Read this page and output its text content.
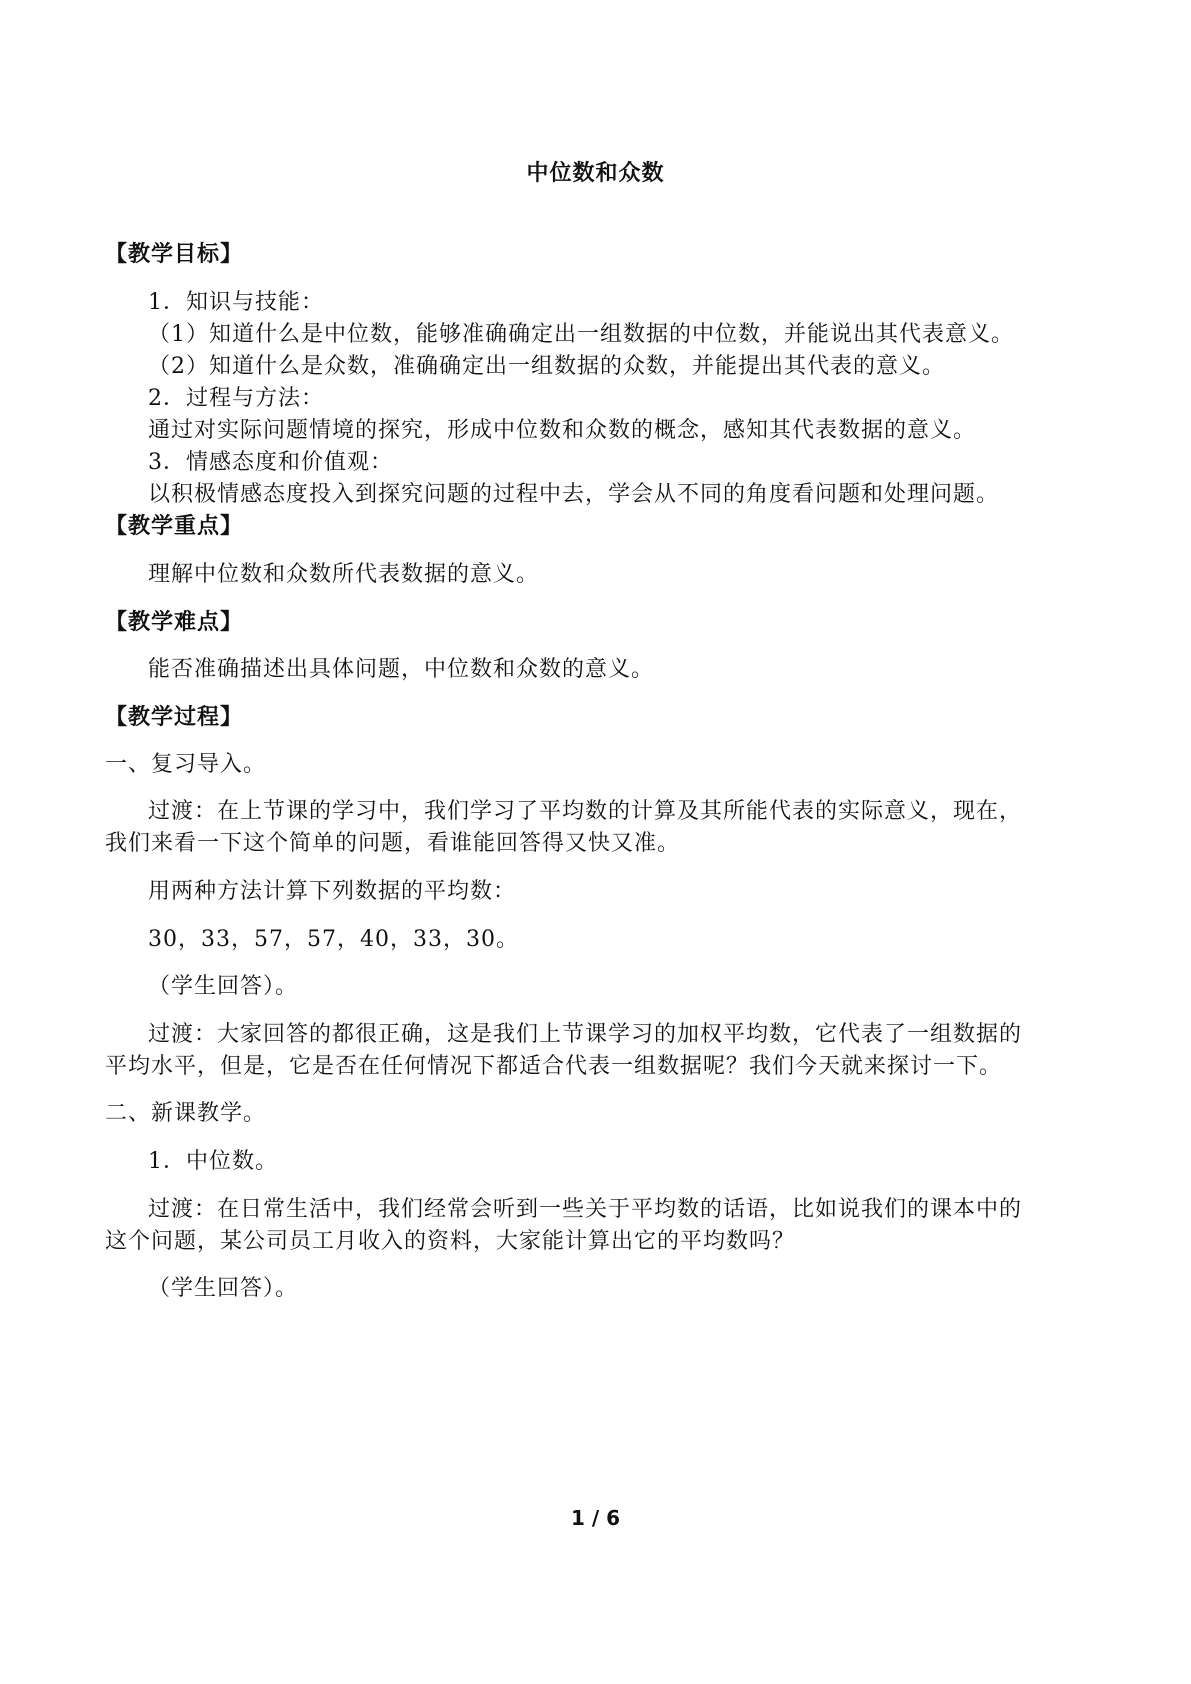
中位数和众数
【教学目标】
1．知识与技能：
（1）知道什么是中位数，能够准确确定出一组数据的中位数，并能说出其代表意义。
（2）知道什么是众数，准确确定出一组数据的众数，并能提出其代表的意义。
2．过程与方法：
通过对实际问题情境的探究，形成中位数和众数的概念，感知其代表数据的意义。
3．情感态度和价值观：
以积极情感态度投入到探究问题的过程中去，学会从不同的角度看问题和处理问题。
【教学重点】
理解中位数和众数所代表数据的意义。
【教学难点】
能否准确描述出具体问题，中位数和众数的意义。
【教学过程】
一、复习导入。
过渡：在上节课的学习中，我们学习了平均数的计算及其所能代表的实际意义，现在，
我们来看一下这个简单的问题，看谁能回答得又快又准。
用两种方法计算下列数据的平均数：
30，33，57，57，40，33，30。
（学生回答）。
过渡：大家回答的都很正确，这是我们上节课学习的加权平均数，它代表了一组数据的
平均水平，但是，它是否在任何情况下都适合代表一组数据呢？我们今天就来探讨一下。
二、新课教学。
1．中位数。
过渡：在日常生活中，我们经常会听到一些关于平均数的话语，比如说我们的课本中的
这个问题，某公司员工月收入的资料，大家能计算出它的平均数吗？
（学生回答）。
1 / 6
